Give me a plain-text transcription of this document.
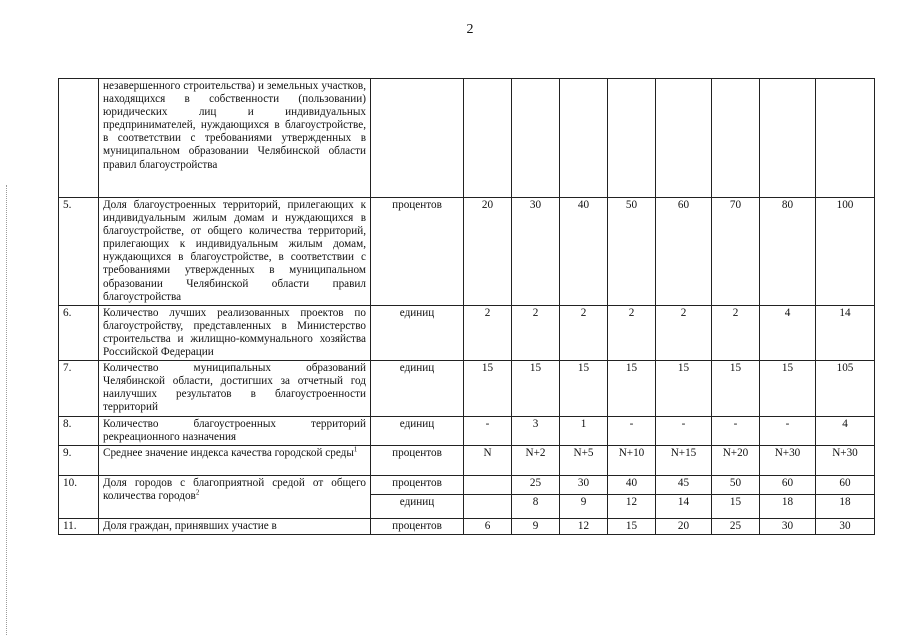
2
	незавершенного строительства) и земельных участков, находящихся в собственности (пользовании) юридических лиц и индивидуальных предпринимателей, нуждающихся в благоустройстве, в соответствии с требованиями утвержденных в муниципальном образовании Челябинской области правил благоустройства									
5.	Доля благоустроенных территорий, прилегающих к индивидуальным жилым домам и нуждающихся в благоустройстве, от общего количества территорий, прилегающих к индивидуальным жилым домам, нуждающихся в благоустройстве, в соответствии с требованиями утвержденных в муниципальном образовании Челябинской области правил благоустройства	процентов	20	30	40	50	60	70	80	100
6.	Количество лучших реализованных проектов по благоустройству, представленных в Министерство строительства и жилищно-коммунального хозяйства Российской Федерации	единиц	2	2	2	2	2	2	4	14
7.	Количество муниципальных образований Челябинской области, достигших за отчетный год наилучших результатов в благоустроенности территорий	единиц	15	15	15	15	15	15	15	105
8.	Количество благоустроенных территорий рекреационного назначения	единиц	-	3	1	-	-	-	-	4
9.	Среднее значение индекса качества городской среды$^1$	процентов	N	N+2	N+5	N+10	N+15	N+20	N+30	N+30
10.	Доля городов с благоприятной средой от общего количества городов$^2$	процентов		25	30	40	45	50	60	60
		единиц		8	9	12	14	15	18	18
11.	Доля граждан, принявших участие в	процентов	6	9	12	15	20	25	30	30
